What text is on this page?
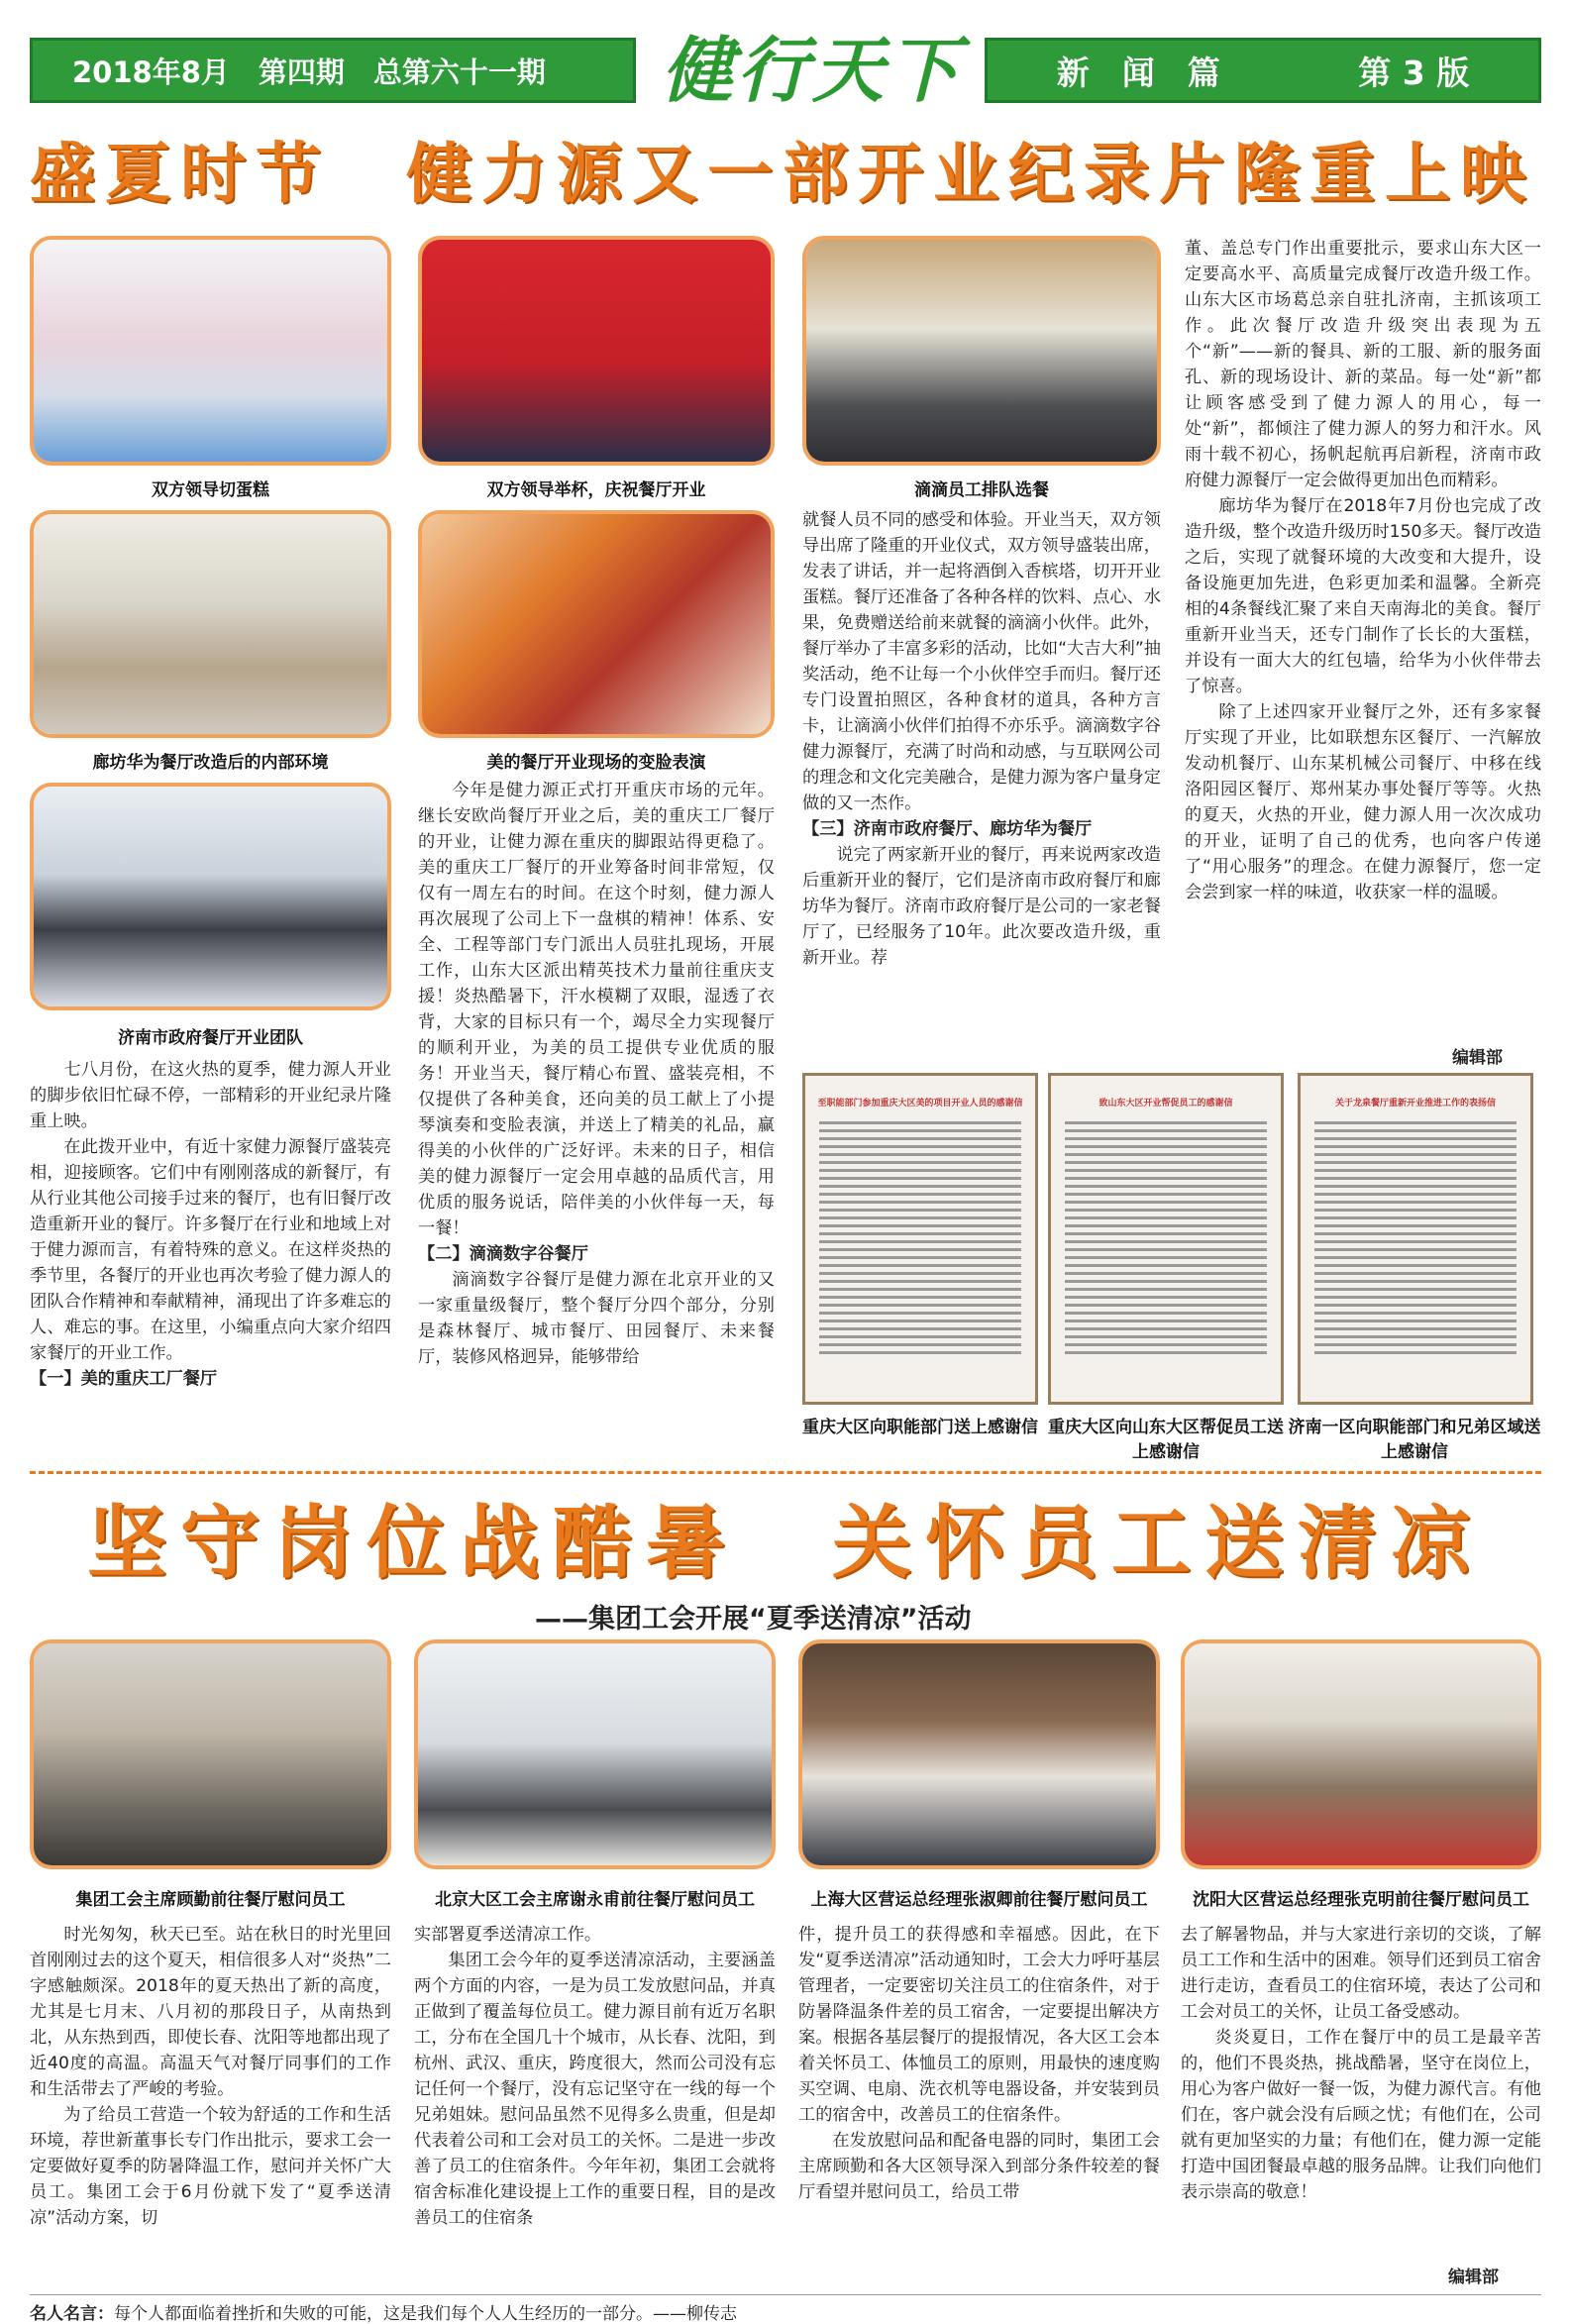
2018年8月　第四期　总第六十一期 健行天下	新　闻　篇	第 3 版
盛夏时节　健力源又一部开业纪录片隆重上映
双方领导切蛋糕	双方领导举杯，庆祝餐厅开业	滴滴员工排队选餐
廊坊华为餐厅改造后的内部环境	美的餐厅开业现场的变脸表演
济南市政府餐厅开业团队

七八月份，在这火热的夏季，健力源人开业的脚步依旧忙碌不停，一部精彩的开业纪录片隆重上映。

在此拨开业中，有近十家健力源餐厅盛装亮相，迎接顾客。它们中有刚刚落成的新餐厅，有从行业其他公司接手过来的餐厅，也有旧餐厅改造重新开业的餐厅。许多餐厅在行业和地域上对于健力源而言，有着特殊的意义。在这样炎热的季节里，各餐厅的开业也再次考验了健力源人的团队合作精神和奉献精神，涌现出了许多难忘的人、难忘的事。在这里，小编重点向大家介绍四家餐厅的开业工作。

【一】美的重庆工厂餐厅

今年是健力源正式打开重庆市场的元年。继长安欧尚餐厅开业之后，美的重庆工厂餐厅的开业，让健力源在重庆的脚跟站得更稳了。美的重庆工厂餐厅的开业筹备时间非常短，仅仅有一周左右的时间。在这个时刻，健力源人再次展现了公司上下一盘棋的精神！体系、安全、工程等部门专门派出人员驻扎现场，开展工作，山东大区派出精英技术力量前往重庆支援！炎热酷暑下，汗水模糊了双眼，湿透了衣背，大家的目标只有一个，竭尽全力实现餐厅的顺利开业，为美的员工提供专业优质的服务！开业当天，餐厅精心布置、盛装亮相，不仅提供了各种美食，还向美的员工献上了小提琴演奏和变脸表演，并送上了精美的礼品，赢得美的小伙伴的广泛好评。未来的日子，相信美的健力源餐厅一定会用卓越的品质代言，用优质的服务说话，陪伴美的小伙伴每一天，每一餐！

【二】滴滴数字谷餐厅

滴滴数字谷餐厅是健力源在北京开业的又一家重量级餐厅，整个餐厅分四个部分，分别是森林餐厅、城市餐厅、田园餐厅、未来餐厅，装修风格迥异，能够带给

就餐人员不同的感受和体验。开业当天，双方领导出席了隆重的开业仪式，双方领导盛装出席，发表了讲话，并一起将酒倒入香槟塔，切开开业蛋糕。餐厅还准备了各种各样的饮料、点心、水果，免费赠送给前来就餐的滴滴小伙伴。此外，餐厅举办了丰富多彩的活动，比如“大吉大利”抽奖活动，绝不让每一个小伙伴空手而归。餐厅还专门设置拍照区，各种食材的道具，各种方言卡，让滴滴小伙伴们拍得不亦乐乎。滴滴数字谷健力源餐厅，充满了时尚和动感，与互联网公司的理念和文化完美融合，是健力源为客户量身定做的又一杰作。

【三】济南市政府餐厅、廊坊华为餐厅

说完了两家新开业的餐厅，再来说两家改造后重新开业的餐厅，它们是济南市政府餐厅和廊坊华为餐厅。济南市政府餐厅是公司的一家老餐厅了，已经服务了10年。此次要改造升级，重新开业。荐

董、盖总专门作出重要批示，要求山东大区一定要高水平、高质量完成餐厅改造升级工作。山东大区市场葛总亲自驻扎济南，主抓该项工作。此次餐厅改造升级突出表现为五个“新”——新的餐具、新的工服、新的服务面孔、新的现场设计、新的菜品。每一处“新”都让顾客感受到了健力源人的用心，每一处“新”，都倾注了健力源人的努力和汗水。风雨十载不初心，扬帆起航再启新程，济南市政府健力源餐厅一定会做得更加出色而精彩。

廊坊华为餐厅在2018年7月份也完成了改造升级，整个改造升级历时150多天。餐厅改造之后，实现了就餐环境的大改变和大提升，设备设施更加先进，色彩更加柔和温馨。全新亮相的4条餐线汇聚了来自天南海北的美食。餐厅重新开业当天，还专门制作了长长的大蛋糕，并设有一面大大的红包墙，给华为小伙伴带去了惊喜。

除了上述四家开业餐厅之外，还有多家餐厅实现了开业，比如联想东区餐厅、一汽解放发动机餐厅、山东某机械公司餐厅、中移在线洛阳园区餐厅、郑州某办事处餐厅等等。火热的夏天，火热的开业，健力源人用一次次成功的开业，证明了自己的优秀，也向客户传递了“用心服务”的理念。在健力源餐厅，您一定会尝到家一样的味道，收获家一样的温暖。

编辑部
至职能部门参加重庆大区美的项目开业人员的感谢信	致山东大区开业帮促员工的感谢信	关于龙泉餐厅重新开业推进工作的表扬信
重庆大区向职能部门送上感谢信 重庆大区向山东大区帮促员工送上感谢信
济南一区向职能部门和兄弟区域送上感谢信
坚守岗位战酷暑　关怀员工送清凉
——集团工会开展“夏季送清凉”活动
集团工会主席顾勤前往餐厅慰问员工	北京大区工会主席谢永甫前往餐厅慰问员工	上海大区营运总经理张淑卿前往餐厅慰问员工	沈阳大区营运总经理张克明前往餐厅慰问员工

时光匆匆，秋天已至。站在秋日的时光里回首刚刚过去的这个夏天，相信很多人对“炎热”二字感触颇深。2018年的夏天热出了新的高度，尤其是七月末、八月初的那段日子，从南热到北，从东热到西，即使长春、沈阳等地都出现了近40度的高温。高温天气对餐厅同事们的工作和生活带去了严峻的考验。

为了给员工营造一个较为舒适的工作和生活环境，荐世新董事长专门作出批示，要求工会一定要做好夏季的防暑降温工作，慰问并关怀广大员工。集团工会于6月份就下发了“夏季送清凉”活动方案，切

实部署夏季送清凉工作。

集团工会今年的夏季送清凉活动，主要涵盖两个方面的内容，一是为员工发放慰问品，并真正做到了覆盖每位员工。健力源目前有近万名职工，分布在全国几十个城市，从长春、沈阳，到杭州、武汉、重庆，跨度很大，然而公司没有忘记任何一个餐厅，没有忘记坚守在一线的每一个兄弟姐妹。慰问品虽然不见得多么贵重，但是却代表着公司和工会对员工的关怀。二是进一步改善了员工的住宿条件。今年年初，集团工会就将宿舍标准化建设提上工作的重要日程，目的是改善员工的住宿条

件，提升员工的获得感和幸福感。因此，在下发“夏季送清凉”活动通知时，工会大力呼吁基层管理者，一定要密切关注员工的住宿条件，对于防暑降温条件差的员工宿舍，一定要提出解决方案。根据各基层餐厅的提报情况，各大区工会本着关怀员工、体恤员工的原则，用最快的速度购买空调、电扇、洗衣机等电器设备，并安装到员工的宿舍中，改善员工的住宿条件。

在发放慰问品和配备电器的同时，集团工会主席顾勤和各大区领导深入到部分条件较差的餐厅看望并慰问员工，给员工带

去了解暑物品，并与大家进行亲切的交谈，了解员工工作和生活中的困难。领导们还到员工宿舍进行走访，查看员工的住宿环境，表达了公司和工会对员工的关怀，让员工备受感动。

炎炎夏日，工作在餐厅中的员工是最辛苦的，他们不畏炎热，挑战酷暑，坚守在岗位上，用心为客户做好一餐一饭，为健力源代言。有他们在，客户就会没有后顾之忧；有他们在，公司就有更加坚实的力量；有他们在，健力源一定能打造中国团餐最卓越的服务品牌。让我们向他们表示崇高的敬意！

编辑部
名人名言：每个人都面临着挫折和失败的可能，这是我们每个人人生经历的一部分。——柳传志
